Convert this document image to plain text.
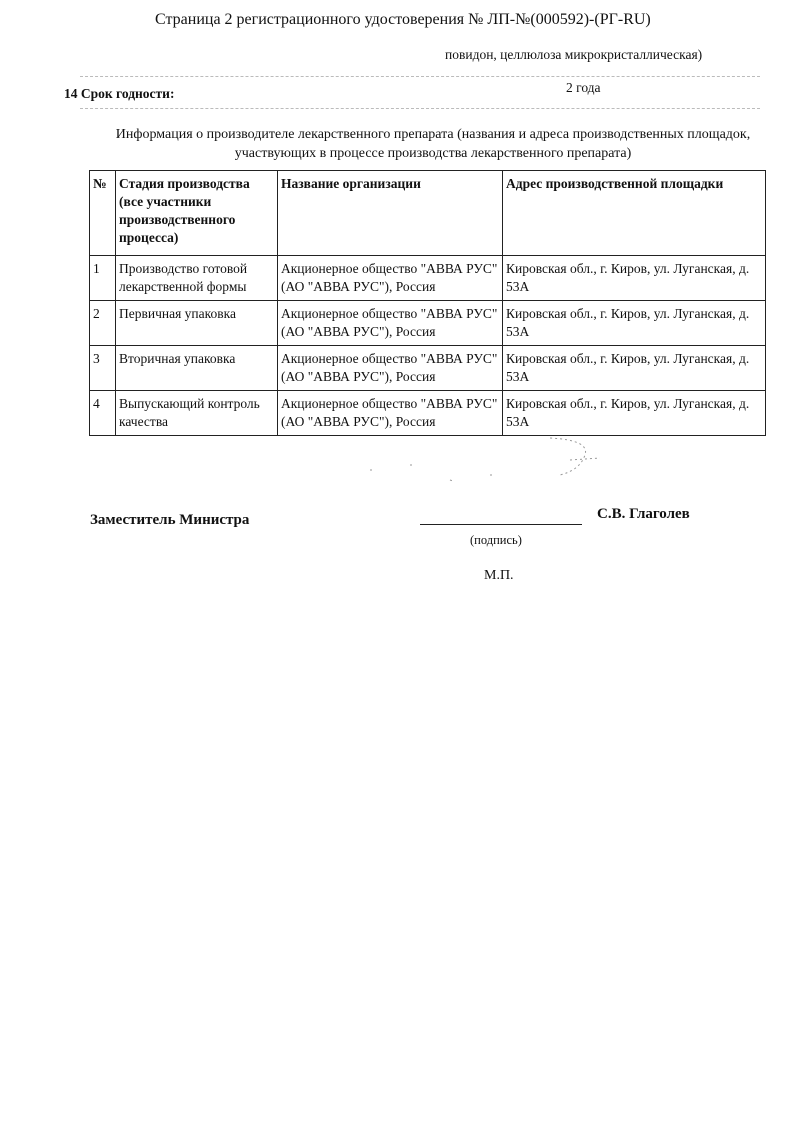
Страница 2 регистрационного удостоверения № ЛП-№(000592)-(РГ-RU)
повидон, целлюлоза микрокристаллическая)
14 Срок годности:	2 года
Информация о производителе лекарственного препарата (названия и адреса производственных площадок, участвующих в процессе производства лекарственного препарата)
№	Стадия производства (все участники производственного процесса)	Название организации	Адрес производственной площадки
1	Производство готовой лекарственной формы	Акционерное общество "АВВА РУС" (АО "АВВА РУС"), Россия	Кировская обл., г. Киров, ул. Луганская, д. 53А
2	Первичная упаковка	Акционерное общество "АВВА РУС" (АО "АВВА РУС"), Россия	Кировская обл., г. Киров, ул. Луганская, д. 53А
3	Вторичная упаковка	Акционерное общество "АВВА РУС" (АО "АВВА РУС"), Россия	Кировская обл., г. Киров, ул. Луганская, д. 53А
4	Выпускающий контроль качества	Акционерное общество "АВВА РУС" (АО "АВВА РУС"), Россия	Кировская обл., г. Киров, ул. Луганская, д. 53А
Заместитель Министра	С.В. Глаголев
(подпись)
М.П.
